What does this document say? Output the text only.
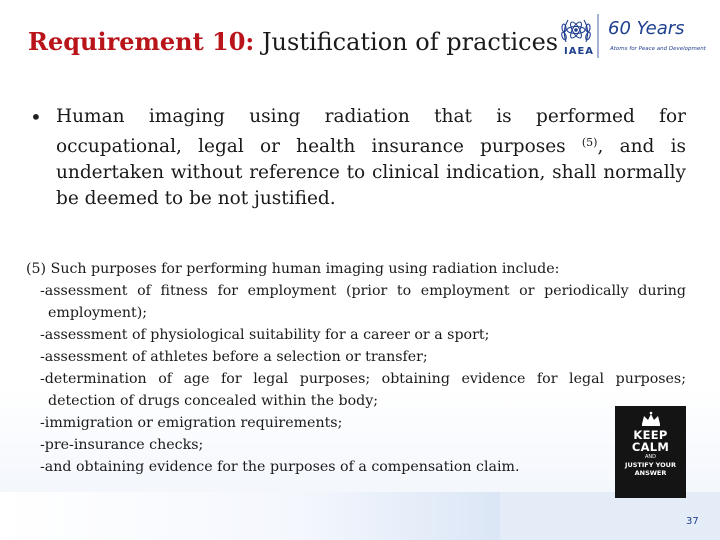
Requirement 10: Justification of practices IAEA
60 Years
Atoms for Peace and Development
• Human imaging using radiation that is performed for occupational, legal or health insurance purposes $^{(5)}$, and is undertaken without reference to clinical indication, shall normally be deemed to be not justified.
(5) Such purposes for performing human imaging using radiation include:
-assessment of fitness for employment (prior to employment or periodically during employment);
-assessment of physiological suitability for a career or a sport;
-assessment of athletes before a selection or transfer;
-determination of age for legal purposes; obtaining evidence for legal purposes; detection of drugs concealed within the body;
-immigration or emigration requirements;
-pre-insurance checks;
-and obtaining evidence for the purposes of a compensation claim.
KEEP
CALM
AND
JUSTIFY YOUR
ANSWER
37
